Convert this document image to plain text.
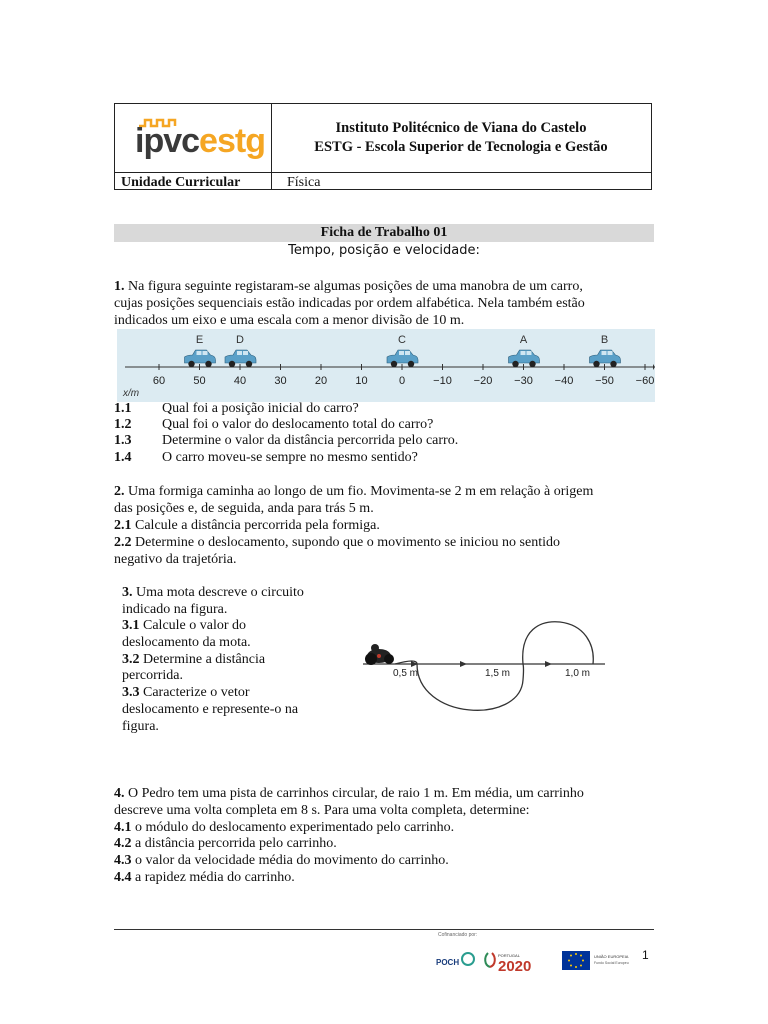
ipvcestg	Instituto Politécnico de Viana do Castelo
ESTG - Escola Superior de Tecnologia e Gestão
Unidade Curricular	Física
Ficha de Trabalho 01
Tempo, posição e velocidade:
1. Na figura seguinte registaram-se algumas posições de uma manobra de um carro,
cujas posições sequenciais estão indicadas por ordem alfabética. Nela também estão
indicados um eixo e uma escala com a menor divisão de 10 m.
60	50	40	30	20	10	0	−10 −20 −30 −40 −50 −60
x/m
E	D	C	A	B
1.1 Qual foi a posição inicial do carro?
1.2 Qual foi o valor do deslocamento total do carro?
1.3 Determine o valor da distância percorrida pelo carro.
1.4 O carro moveu-se sempre no mesmo sentido?
2. Uma formiga caminha ao longo de um fio. Movimenta-se 2 m em relação à origem
das posições e, de seguida, anda para trás 5 m.
2.1 Calcule a distância percorrida pela formiga.
2.2 Determine o deslocamento, supondo que o movimento se iniciou no sentido
negativo da trajetória.
3. Uma mota descreve o circuito
indicado na figura.
3.1 Calcule o valor do
deslocamento da mota.
3.2 Determine a distância
percorrida.
3.3 Caracterize o vetor
deslocamento e represente-o na
figura.
0,5 m	1,5 m	1,0 m
4. O Pedro tem uma pista de carrinhos circular, de raio 1 m. Em média, um carrinho
descreve uma volta completa em 8 s. Para uma volta completa, determine:
4.1 o módulo do deslocamento experimentado pelo carrinho.
4.2 a distância percorrida pelo carrinho.
4.3 o valor da velocidade média do movimento do carrinho.
4.4 a rapidez média do carrinho.
Cofinanciado por:
POCH
PORTUGAL
2020
UNIÃO EUROPEIA
Fundo Social Europeu
1
